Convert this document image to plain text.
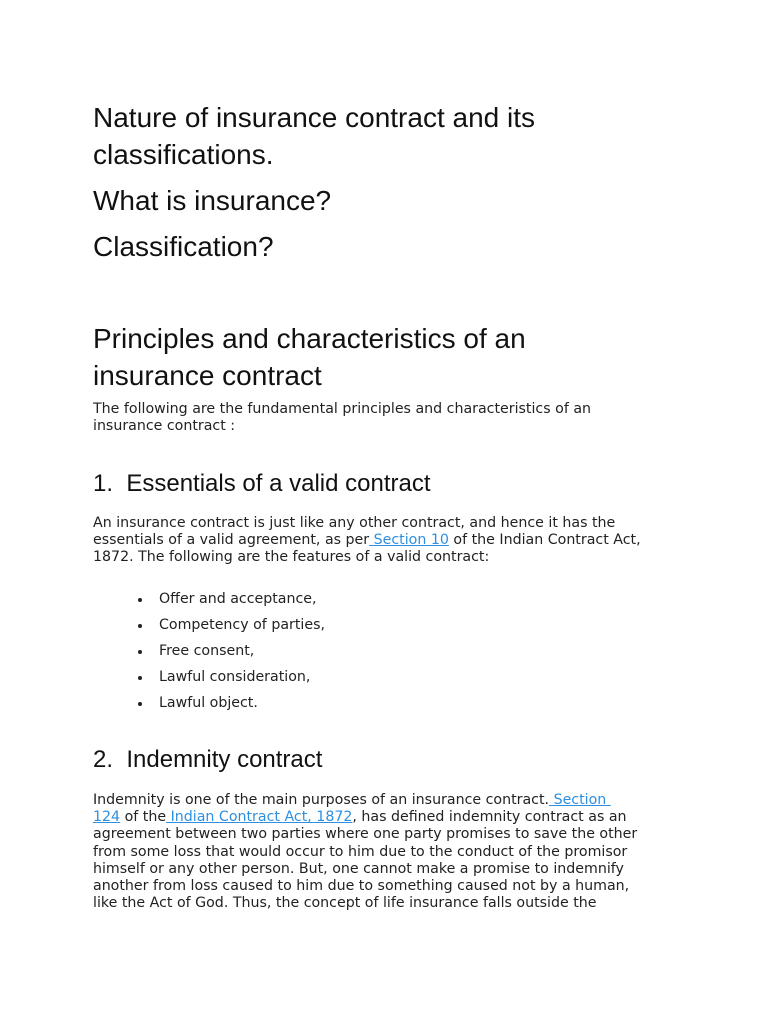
Nature of insurance contract and its
classifications.
What is insurance?
Classification?
Principles and characteristics of an
insurance contract
The following are the fundamental principles and characteristics of an
insurance contract :
1.  Essentials of a valid contract
An insurance contract is just like any other contract, and hence it has the
essentials of a valid agreement, as per Section 10 of the Indian Contract Act,
1872. The following are the features of a valid contract:
Offer and acceptance,
Competency of parties,
Free consent,
Lawful consideration,
Lawful object.
2.  Indemnity contract
Indemnity is one of the main purposes of an insurance contract. Section
124 of the Indian Contract Act, 1872, has defined indemnity contract as an
agreement between two parties where one party promises to save the other
from some loss that would occur to him due to the conduct of the promisor
himself or any other person. But, one cannot make a promise to indemnify
another from loss caused to him due to something caused not by a human,
like the Act of God. Thus, the concept of life insurance falls outside the
